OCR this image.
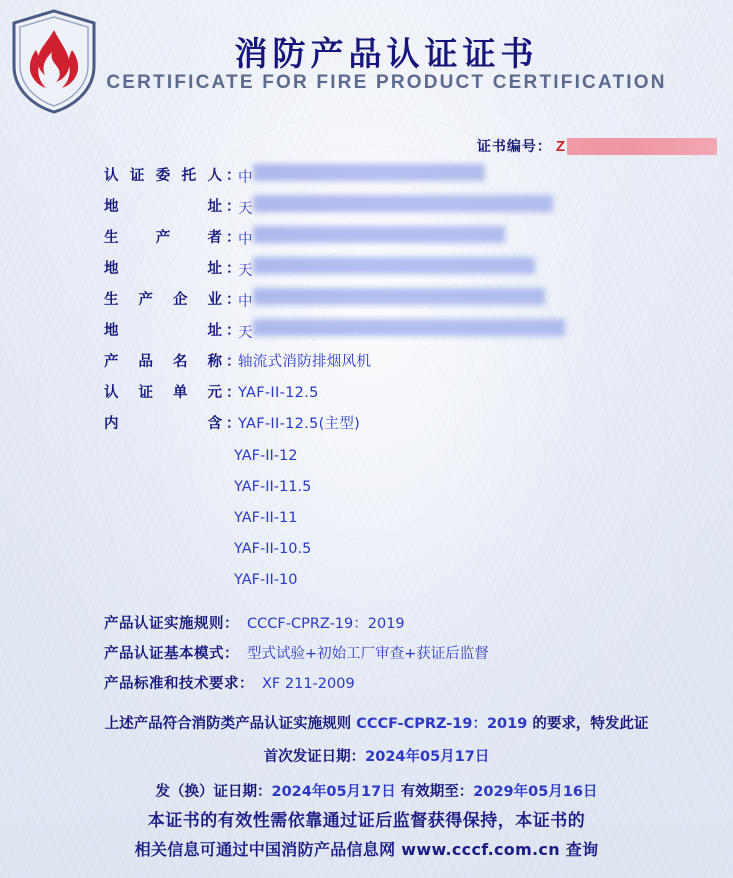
消防产品认证证书
CERTIFICATE FOR FIRE PRODUCT CERTIFICATION
证书编号： Z
认证委托人 ：
中
地址 ：
天
生产者 ：
中
地址 ：
天
生产企业 ：
中
地址 ：
天
产品名称 ：
轴流式消防排烟风机
认证单元 ：
YAF-II-12.5
内含 ：
YAF-II-12.5(主型)
YAF-II-12
YAF-II-11.5
YAF-II-11
YAF-II-10.5
YAF-II-10
产品认证实施规则： CCCF-CPRZ-19：2019
产品认证基本模式： 型式试验+初始工厂审查+获证后监督
产品标准和技术要求： XF 211-2009
上述产品符合消防类产品认证实施规则 CCCF-CPRZ-19：2019 的要求，特发此证
首次发证日期：2024年05月17日
发（换）证日期：2024年05月17日 有效期至：2029年05月16日
本证书的有效性需依靠通过证后监督获得保持，本证书的
相关信息可通过中国消防产品信息网 www.cccf.com.cn 查询
